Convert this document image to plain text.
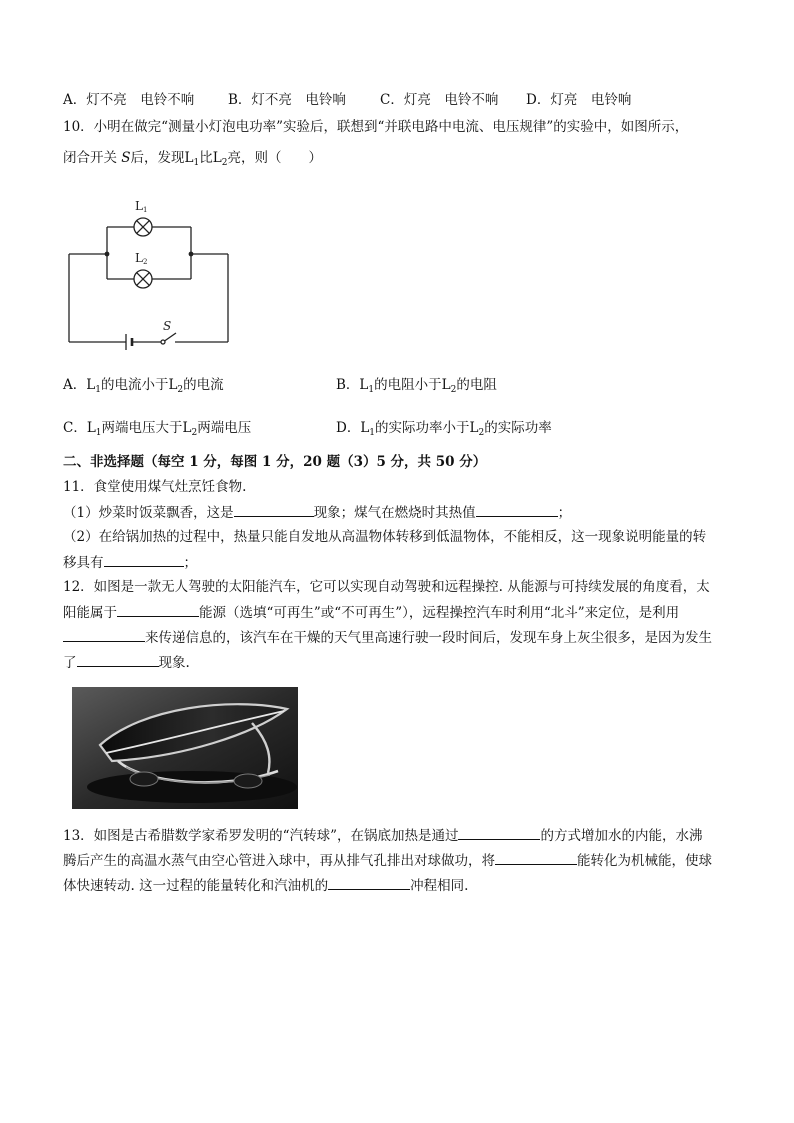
A．灯不亮　电铃不响	B．灯不亮　电铃响	C．灯亮　电铃不响 D．灯亮　电铃响
10．小明在做完“测量小灯泡电功率”实验后，联想到“并联电路中电流、电压规律”的实验中，如图所示，
闭合开关 S后，发现$L_1$比$L_2$亮，则（　　）
L1
L2
S
A．$L_1$的电流小于$L_2$的电流	B．$L_1$的电阻小于$L_2$的电阻
C．$L_1$两端电压大于$L_2$两端电压	D．$L_1$的实际功率小于$L_2$的实际功率
二、非选择题（每空 1 分，每图 1 分，20 题（3）5 分，共 50 分）
11．食堂使用煤气灶烹饪食物.
（1）炒菜时饭菜飘香，这是	现象；煤气在燃烧时其热值	；
（2）在给锅加热的过程中，热量只能自发地从高温物体转移到低温物体，不能相反，这一现象说明能量的转
移具有	；
12．如图是一款无人驾驶的太阳能汽车，它可以实现自动驾驶和远程操控. 从能源与可持续发展的角度看，太
阳能属于	能源（选填“可再生”或“不可再生”），远程操控汽车时利用“北斗”来定位，是利用
来传递信息的，该汽车在干燥的天气里高速行驶一段时间后，发现车身上灰尘很多，是因为发生
了	现象.
13．如图是古希腊数学家希罗发明的“汽转球”，在锅底加热是通过	的方式增加水的内能，水沸
腾后产生的高温水蒸气由空心管进入球中，再从排气孔排出对球做功，将	能转化为机械能，使球
体快速转动. 这一过程的能量转化和汽油机的	冲程相同.
